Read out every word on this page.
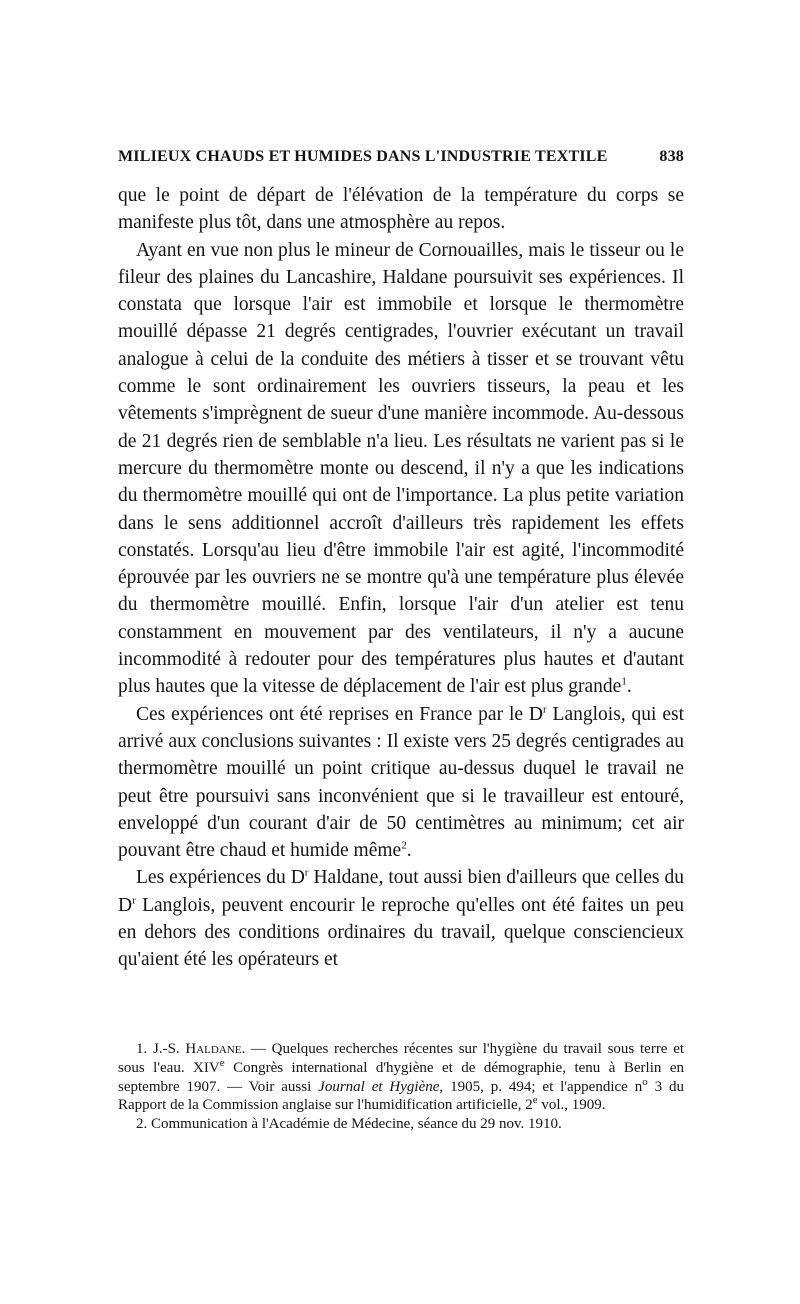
MILIEUX CHAUDS ET HUMIDES DANS L'INDUSTRIE TEXTILE	838

que le point de départ de l'élévation de la température du corps se manifeste plus tôt, dans une atmosphère au repos.

Ayant en vue non plus le mineur de Cornouailles, mais le tisseur ou le fileur des plaines du Lancashire, Haldane poursuivit ses expériences. Il constata que lorsque l'air est immobile et lorsque le thermomètre mouillé dépasse 21 degrés centigrades, l'ouvrier exécutant un travail analogue à celui de la conduite des métiers à tisser et se trouvant vêtu comme le sont ordinairement les ouvriers tisseurs, la peau et les vêtements s'imprègnent de sueur d'une manière incommode. Au-dessous de 21 degrés rien de semblable n'a lieu. Les résultats ne varient pas si le mercure du thermomètre monte ou descend, il n'y a que les indications du thermomètre mouillé qui ont de l'importance. La plus petite variation dans le sens additionnel accroît d'ailleurs très rapidement les effets constatés. Lorsqu'au lieu d'être immobile l'air est agité, l'incommodité éprouvée par les ouvriers ne se montre qu'à une température plus élevée du thermomètre mouillé. Enfin, lorsque l'air d'un atelier est tenu constamment en mouvement par des ventilateurs, il n'y a aucune incommodité à redouter pour des températures plus hautes et d'autant plus hautes que la vitesse de déplacement de l'air est plus grande$^1$.

Ces expériences ont été reprises en France par le $D^r$ Langlois, qui est arrivé aux conclusions suivantes : Il existe vers 25 degrés centigrades au thermomètre mouillé un point critique au-dessus duquel le travail ne peut être poursuivi sans inconvénient que si le travailleur est entouré, enveloppé d'un courant d'air de 50 centimètres au minimum; cet air pouvant être chaud et humide même$^2$.

Les expériences du $D^r$ Haldane, tout aussi bien d'ailleurs que celles du $D^r$ Langlois, peuvent encourir le reproche qu'elles ont été faites un peu en dehors des conditions ordinaires du travail, quelque consciencieux qu'aient été les opérateurs et

1. J.-S. Haldane. — Quelques recherches récentes sur l'hygiène du travail sous terre et sous l'eau. XIVe Congrès international d'hygiène et de démographie, tenu à Berlin en septembre 1907. — Voir aussi Journal et Hygiène, 1905, p. 494; et l'appendice $n^o$ 3 du Rapport de la Commission anglaise sur l'humidification artificielle, 2e vol., 1909.

2. Communication à l'Académie de Médecine, séance du 29 nov. 1910.
